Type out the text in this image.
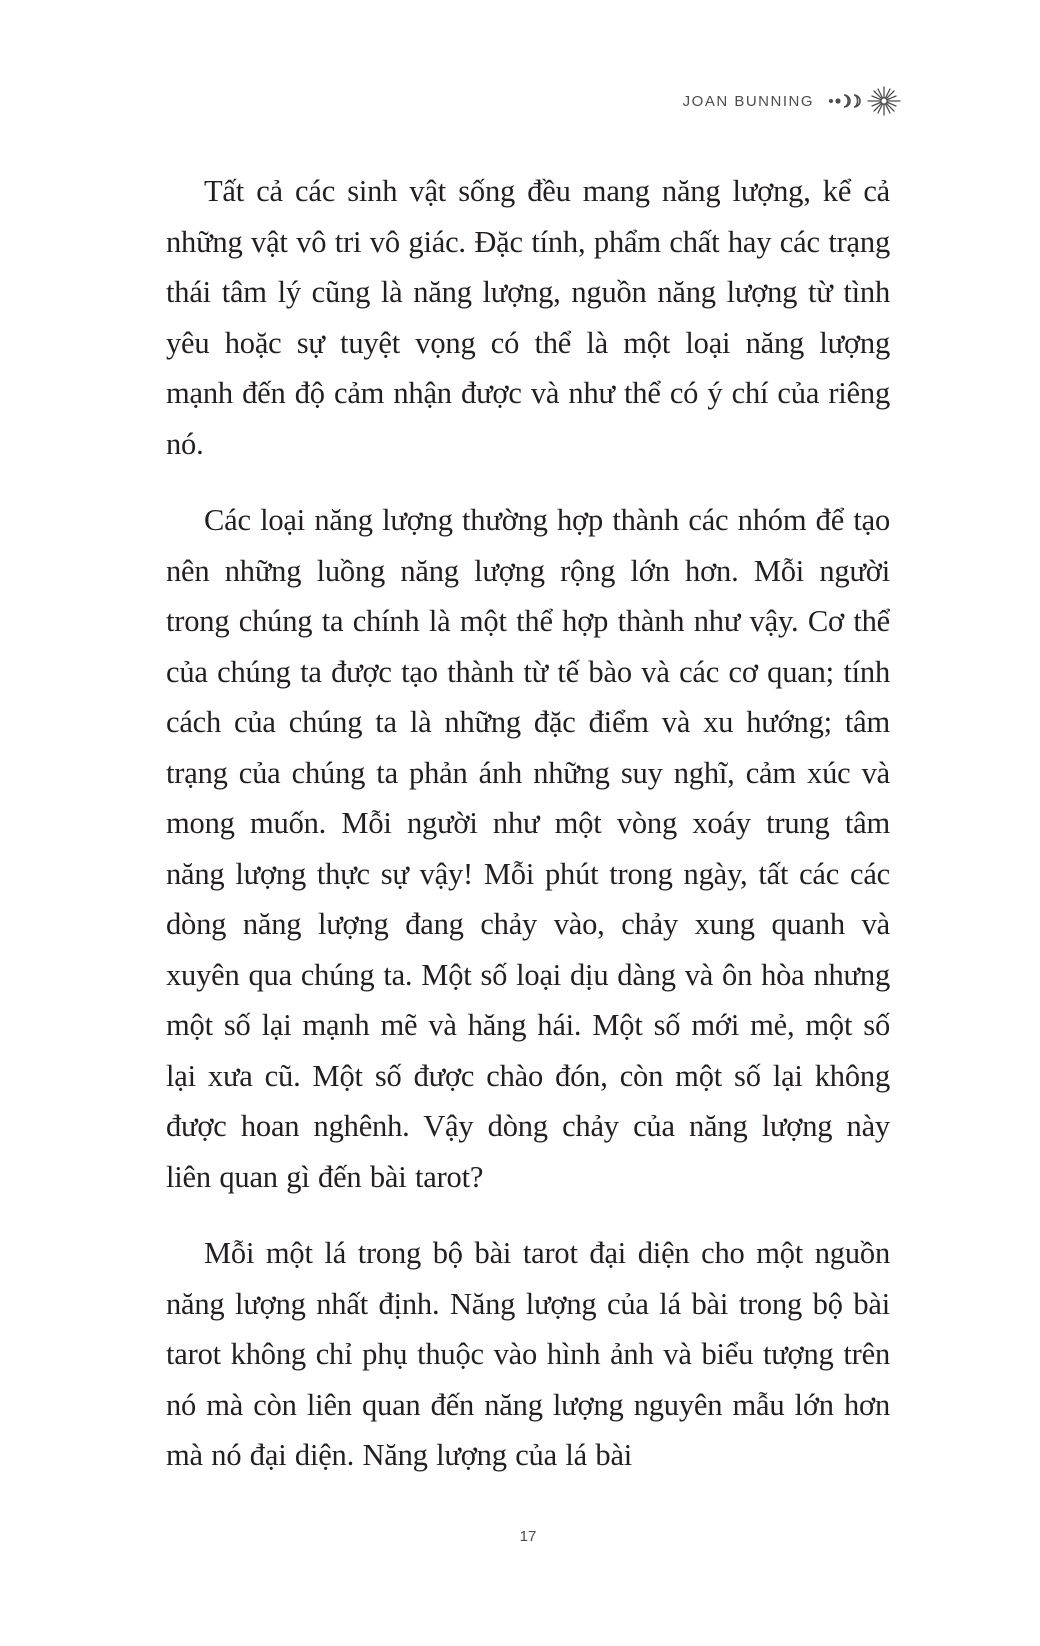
JOAN BUNNING

Tất cả các sinh vật sống đều mang năng lượng, kể cả những vật vô tri vô giác. Đặc tính, phẩm chất hay các trạng thái tâm lý cũng là năng lượng, nguồn năng lượng từ tình yêu hoặc sự tuyệt vọng có thể là một loại năng lượng mạnh đến độ cảm nhận được và như thể có ý chí của riêng nó.

Các loại năng lượng thường hợp thành các nhóm để tạo nên những luồng năng lượng rộng lớn hơn. Mỗi người trong chúng ta chính là một thể hợp thành như vậy. Cơ thể của chúng ta được tạo thành từ tế bào và các cơ quan; tính cách của chúng ta là những đặc điểm và xu hướng; tâm trạng của chúng ta phản ánh những suy nghĩ, cảm xúc và mong muốn. Mỗi người như một vòng xoáy trung tâm năng lượng thực sự vậy! Mỗi phút trong ngày, tất các các dòng năng lượng đang chảy vào, chảy xung quanh và xuyên qua chúng ta. Một số loại dịu dàng và ôn hòa nhưng một số lại mạnh mẽ và hăng hái. Một số mới mẻ, một số lại xưa cũ. Một số được chào đón, còn một số lại không được hoan nghênh. Vậy dòng chảy của năng lượng này liên quan gì đến bài tarot?

Mỗi một lá trong bộ bài tarot đại diện cho một nguồn năng lượng nhất định. Năng lượng của lá bài trong bộ bài tarot không chỉ phụ thuộc vào hình ảnh và biểu tượng trên nó mà còn liên quan đến năng lượng nguyên mẫu lớn hơn mà nó đại diện. Năng lượng của lá bài

17
